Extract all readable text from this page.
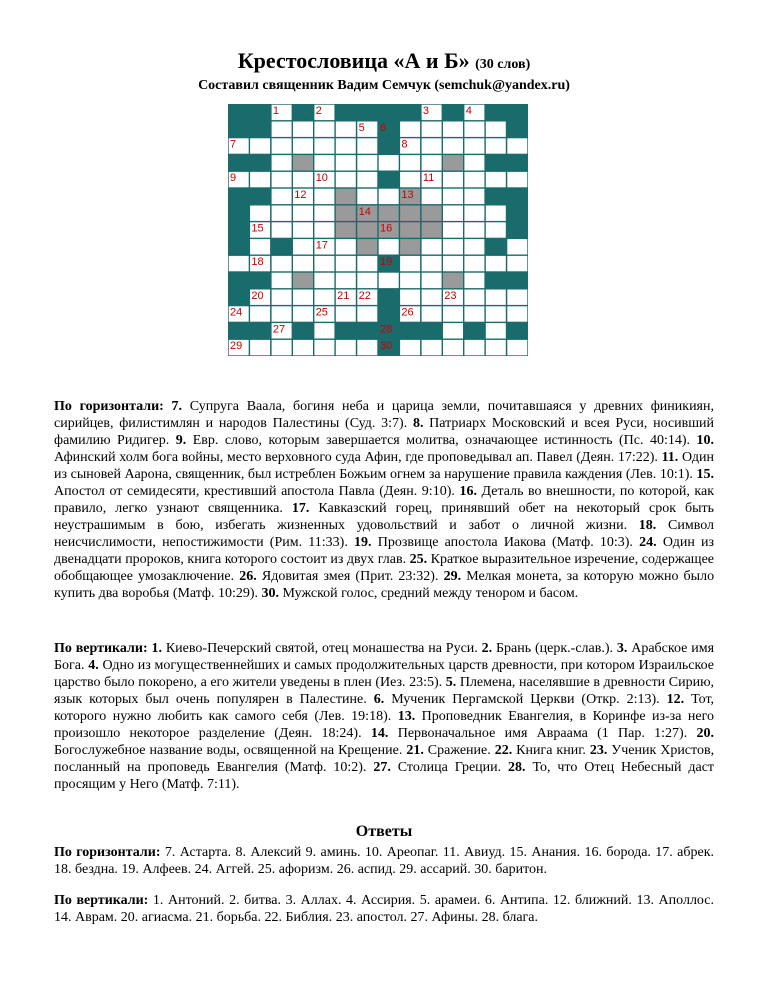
Крестословица «А и Б» (30 слов)
Составил священник Вадим Семчук (semchuk@yandex.ru)
1	2	3	4
5 6
7	8
9	10	11
12	13
14
15	16
17
18	19
20	21 22	23
24	25	26
27	28
29	30
По горизонтали: 7. Супруга Ваала, богиня неба и царица земли, почитавшаяся у древних финикиян, сирийцев, филистимлян и народов Палестины (Суд. 3:7). 8. Патриарх Московский и всея Руси, носивший фамилию Ридигер. 9. Евр. слово, которым завершается молитва, означающее истинность (Пс. 40:14). 10. Афинский холм бога войны, место верховного суда Афин, где проповедывал ап. Павел (Деян. 17:22). 11. Один из сыновей Аарона, священник, был истреблен Божьим огнем за нарушение правила каждения (Лев. 10:1). 15. Апостол от семидесяти, крестивший апостола Павла (Деян. 9:10). 16. Деталь во внешности, по которой, как правило, легко узнают священника. 17. Кавказский горец, принявший обет на некоторый срок быть неустрашимым в бою, избегать жизненных удовольствий и забот о личной жизни. 18. Символ неисчислимости, непостижимости (Рим. 11:33). 19. Прозвище апостола Иакова (Матф. 10:3). 24. Один из двенадцати пророков, книга которого состоит из двух глав. 25. Краткое выразительное изречение, содержащее обобщающее умозаключение. 26. Ядовитая змея (Прит. 23:32). 29. Мелкая монета, за которую можно было купить два воробья (Матф. 10:29). 30. Мужской голос, средний между тенором и басом.
По вертикали: 1. Киево-Печерский святой, отец монашества на Руси. 2. Брань (церк.-слав.). 3. Арабское имя Бога. 4. Одно из могущественнейших и самых продолжительных царств древности, при котором Израильское царство было покорено, а его жители уведены в плен (Иез. 23:5). 5. Племена, населявшие в древности Сирию, язык которых был очень популярен в Палестине. 6. Мученик Пергамской Церкви (Откр. 2:13). 12. Тот, которого нужно любить как самого себя (Лев. 19:18). 13. Проповедник Евангелия, в Коринфе из-за него произошло некоторое разделение (Деян. 18:24). 14. Первоначальное имя Авраама (1 Пар. 1:27). 20. Богослужебное название воды, освященной на Крещение. 21. Сражение. 22. Книга книг. 23. Ученик Христов, посланный на проповедь Евангелия (Матф. 10:2). 27. Столица Греции. 28. То, что Отец Небесный даст просящим у Него (Матф. 7:11).
Ответы
По горизонтали: 7. Астарта. 8. Алексий 9. аминь. 10. Ареопаг. 11. Авиуд. 15. Анания. 16. борода. 17. абрек. 18. бездна. 19. Алфеев. 24. Аггей. 25. афоризм. 26. аспид. 29. ассарий. 30. баритон.
По вертикали: 1. Антоний. 2. битва. 3. Аллах. 4. Ассирия. 5. арамеи. 6. Антипа. 12. ближний. 13. Аполлос. 14. Аврам. 20. агиасма. 21. борьба. 22. Библия. 23. апостол. 27. Афины. 28. блага.
